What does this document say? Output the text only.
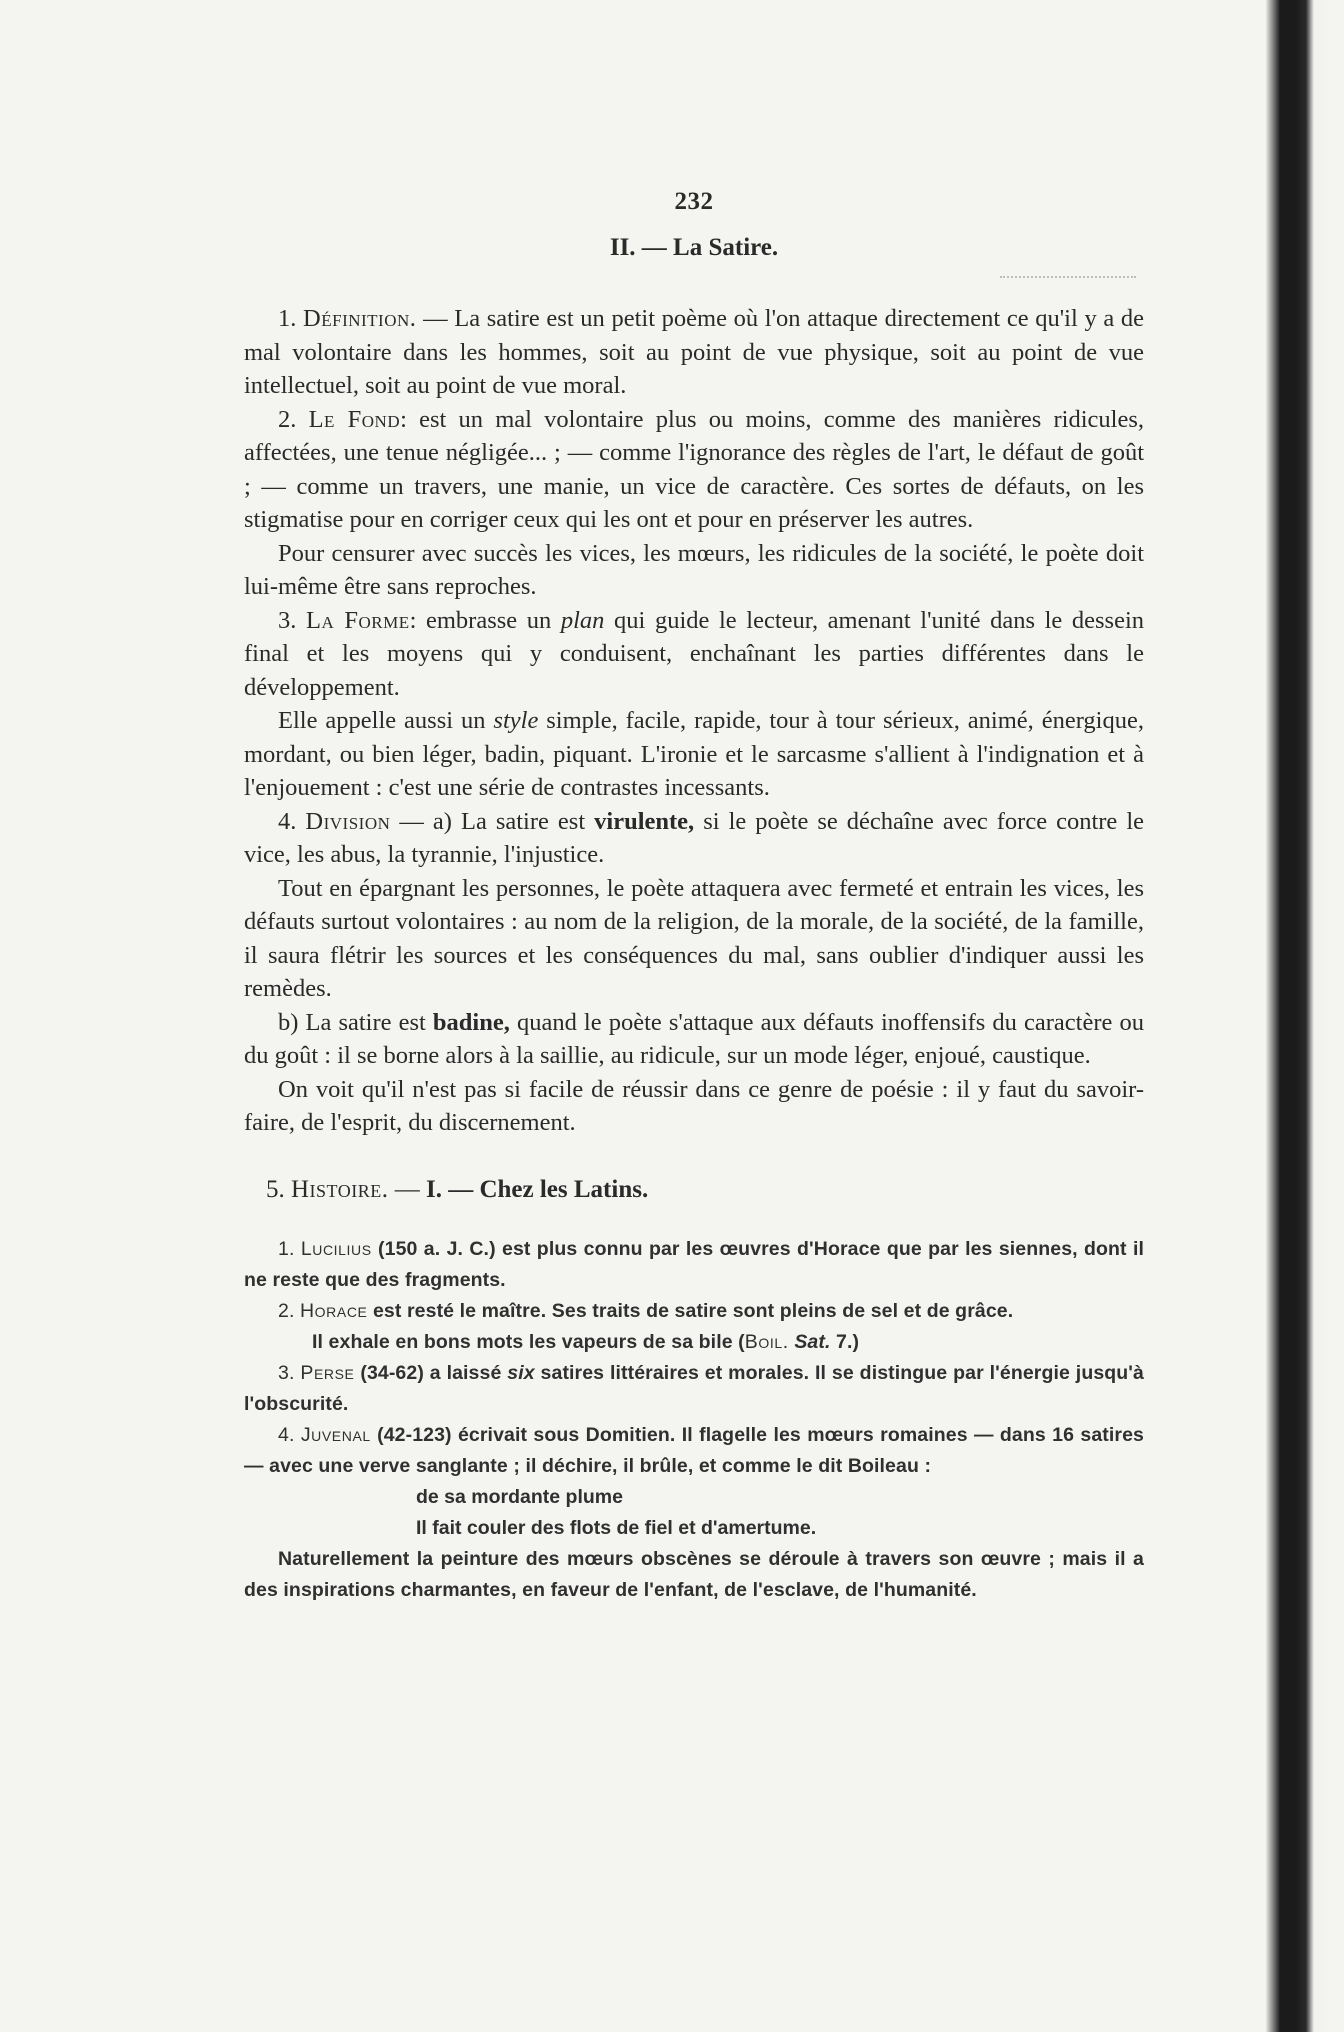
232
II. — La Satire.

1. Définition. — La satire est un petit poème où l'on attaque directement ce qu'il y a de mal volontaire dans les hommes, soit au point de vue physique, soit au point de vue intellectuel, soit au point de vue moral.

2. Le Fond: est un mal volontaire plus ou moins, comme des manières ridicules, affectées, une tenue négligée... ; — comme l'ignorance des règles de l'art, le défaut de goût ; — comme un travers, une manie, un vice de caractère. Ces sortes de défauts, on les stigmatise pour en corriger ceux qui les ont et pour en préserver les autres.

Pour censurer avec succès les vices, les mœurs, les ridicules de la société, le poète doit lui-même être sans reproches.

3. La Forme: embrasse un plan qui guide le lecteur, amenant l'unité dans le dessein final et les moyens qui y conduisent, enchaînant les parties différentes dans le développement.

Elle appelle aussi un style simple, facile, rapide, tour à tour sérieux, animé, énergique, mordant, ou bien léger, badin, piquant. L'ironie et le sarcasme s'allient à l'indignation et à l'enjouement : c'est une série de contrastes incessants.

4. Division — a) La satire est virulente, si le poète se déchaîne avec force contre le vice, les abus, la tyrannie, l'injustice.

Tout en épargnant les personnes, le poète attaquera avec fermeté et entrain les vices, les défauts surtout volontaires : au nom de la religion, de la morale, de la société, de la famille, il saura flétrir les sources et les conséquences du mal, sans oublier d'indiquer aussi les remèdes.

b) La satire est badine, quand le poète s'attaque aux défauts inoffensifs du caractère ou du goût : il se borne alors à la saillie, au ridicule, sur un mode léger, enjoué, caustique.

On voit qu'il n'est pas si facile de réussir dans ce genre de poésie : il y faut du savoir-faire, de l'esprit, du discernement.

5. Histoire. — I. — Chez les Latins.

1. Lucilius (150 a. J. C.) est plus connu par les œuvres d'Horace que par les siennes, dont il ne reste que des fragments.

2. Horace est resté le maître. Ses traits de satire sont pleins de sel et de grâce.

Il exhale en bons mots les vapeurs de sa bile (Boil. Sat. 7.)

3. Perse (34-62) a laissé six satires littéraires et morales. Il se distingue par l'énergie jusqu'à l'obscurité.

4. Juvenal (42-123) écrivait sous Domitien. Il flagelle les mœurs romaines — dans 16 satires — avec une verve sanglante ; il déchire, il brûle, et comme le dit Boileau :

de sa mordante plume
Il fait couler des flots de fiel et d'amertume.

Naturellement la peinture des mœurs obscènes se déroule à travers son œuvre ; mais il a des inspirations charmantes, en faveur de l'enfant, de l'esclave, de l'humanité.
